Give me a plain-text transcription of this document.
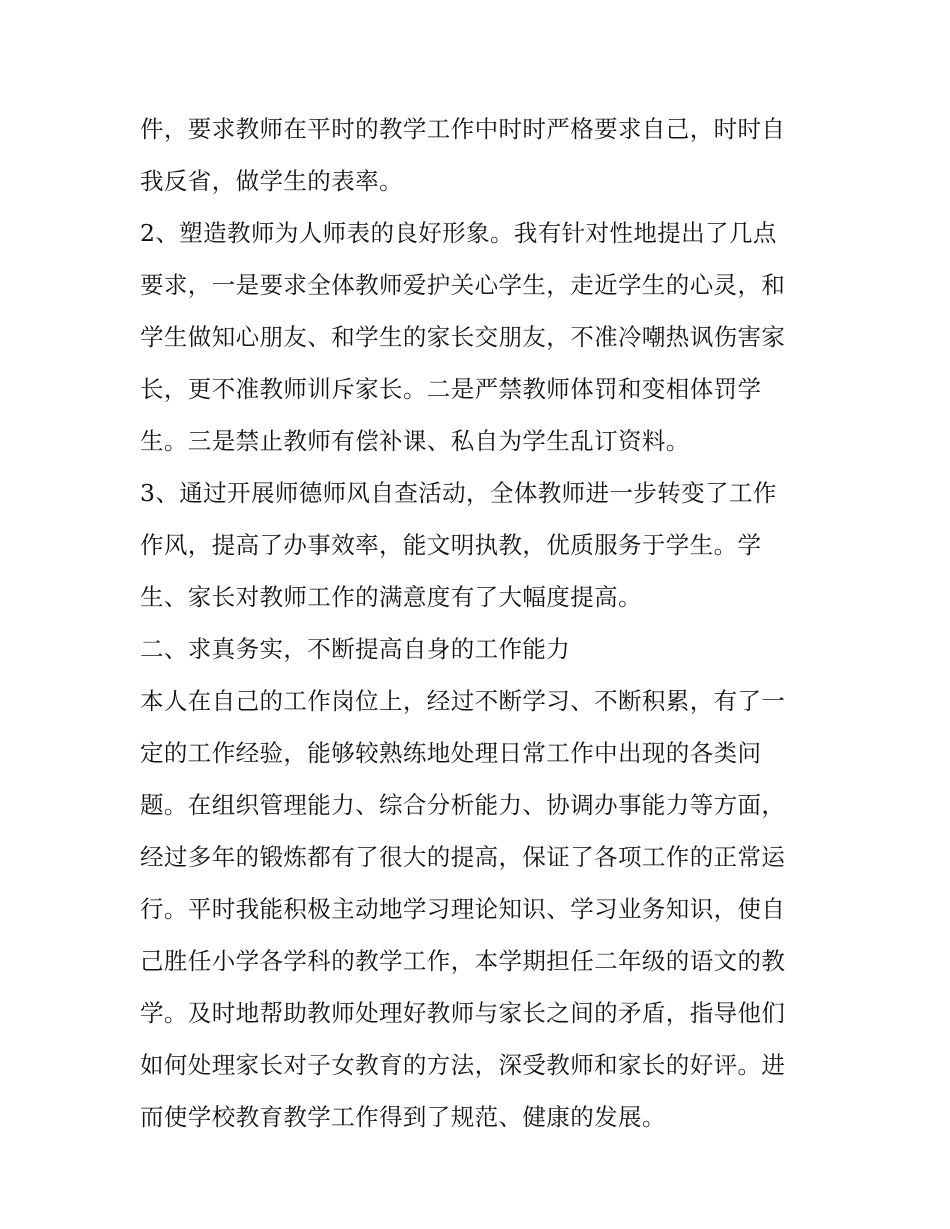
件，要求教师在平时的教学工作中时时严格要求自己，时时自
我反省，做学生的表率。
2、塑造教师为人师表的良好形象。我有针对性地提出了几点
要求，一是要求全体教师爱护关心学生，走近学生的心灵，和
学生做知心朋友、和学生的家长交朋友，不准冷嘲热讽伤害家
长，更不准教师训斥家长。二是严禁教师体罚和变相体罚学
生。三是禁止教师有偿补课、私自为学生乱订资料。
3、通过开展师德师风自查活动，全体教师进一步转变了工作
作风，提高了办事效率，能文明执教，优质服务于学生。学
生、家长对教师工作的满意度有了大幅度提高。
二、求真务实，不断提高自身的工作能力
本人在自己的工作岗位上，经过不断学习、不断积累，有了一
定的工作经验，能够较熟练地处理日常工作中出现的各类问
题。在组织管理能力、综合分析能力、协调办事能力等方面，
经过多年的锻炼都有了很大的提高，保证了各项工作的正常运
行。平时我能积极主动地学习理论知识、学习业务知识，使自
己胜任小学各学科的教学工作，本学期担任二年级的语文的教
学。及时地帮助教师处理好教师与家长之间的矛盾，指导他们
如何处理家长对子女教育的方法，深受教师和家长的好评。进
而使学校教育教学工作得到了规范、健康的发展。
